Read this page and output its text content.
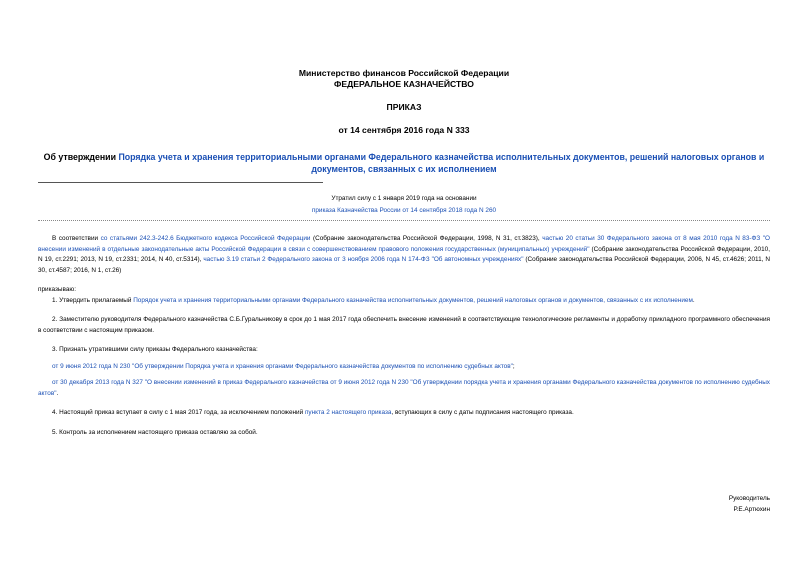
Министерство финансов Российской Федерации
ФЕДЕРАЛЬНОЕ КАЗНАЧЕЙСТВО
ПРИКАЗ
от 14 сентября 2016 года N 333
Об утверждении Порядка учета и хранения территориальными органами Федерального казначейства исполнительных документов, решений налоговых органов и документов, связанных с их исполнением
Утратил силу с 1 января 2019 года на основании
приказа Казначейства России от 14 сентября 2018 года N 260

В соответствии со статьями 242.3-242.6 Бюджетного кодекса Российской Федерации (Собрание законодательства Российской Федерации, 1998, N 31, ст.3823), частью 20 статьи 30 Федерального закона от 8 мая 2010 года N 83-ФЗ "О внесении изменений в отдельные законодательные акты Российской Федерации в связи с совершенствованием правового положения государственных (муниципальных) учреждений" (Собрание законодательства Российской Федерации, 2010, N 19, ст.2291; 2013, N 19, ст.2331; 2014, N 40, ст.5314), частью 3.19 статьи 2 Федерального закона от 3 ноября 2006 года N 174-ФЗ "Об автономных учреждениях" (Собрание законодательства Российской Федерации, 2006, N 45, ст.4626; 2011, N 30, ст.4587; 2016, N 1, ст.26)

приказываю:

1. Утвердить прилагаемый Порядок учета и хранения территориальными органами Федерального казначейства исполнительных документов, решений налоговых органов и документов, связанных с их исполнением.

2. Заместителю руководителя Федерального казначейства С.Б.Гуральникову в срок до 1 мая 2017 года обеспечить внесение изменений в соответствующие технологические регламенты и доработку прикладного программного обеспечения в соответствии с настоящим приказом.

3. Признать утратившими силу приказы Федерального казначейства:

от 9 июня 2012 года N 230 "Об утверждении Порядка учета и хранения органами Федерального казначейства документов по исполнению судебных актов";

от 30 декабря 2013 года N 327 "О внесении изменений в приказ Федерального казначейства от 9 июня 2012 года N 230 "Об утверждении порядка учета и хранения органами Федерального казначейства документов по исполнению судебных актов".

4. Настоящий приказ вступает в силу с 1 мая 2017 года, за исключением положений пункта 2 настоящего приказа, вступающих в силу с даты подписания настоящего приказа.

5. Контроль за исполнением настоящего приказа оставляю за собой.

Руководитель
Р.Е.Артюхин
